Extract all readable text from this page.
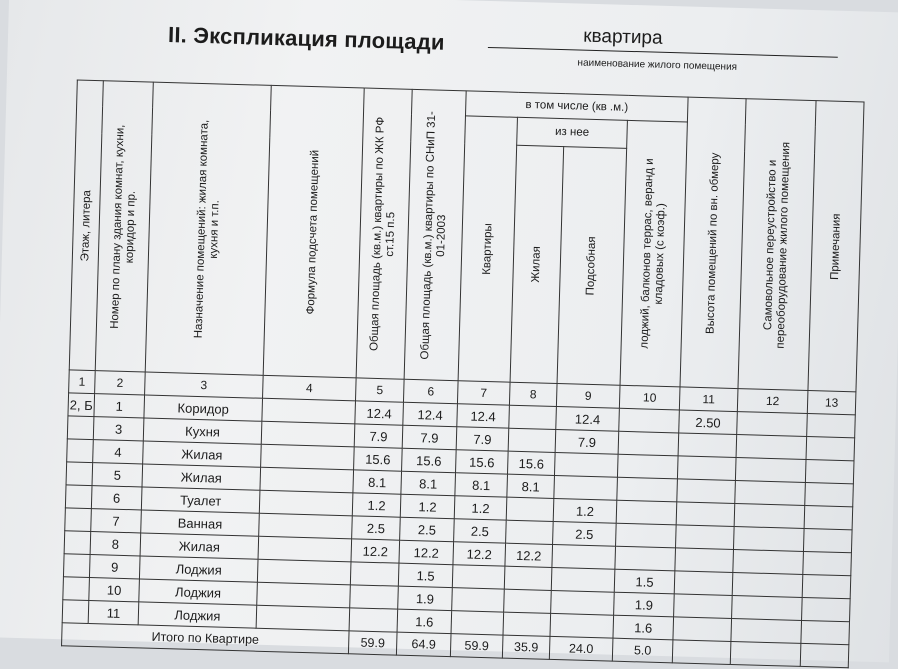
II. Экспликация площади	квартира
наименование жилого помещения
Этаж, литера	Номер по плану здания комнат, кухни, коридор и пр.	Назначение помещений: жилая комната, кухня и т.п.	Формула подсчета помещений	Общая площадь (кв.м.) квартиры по ЖК РФ ст.15 п.5	Общая площадь (кв.м.) квартиры по СНиП 31-01-2003	в том числе (кв .м.)				Высота помещений по вн. обмеру	Самовольное переустройство и переоборудование жилого помещения	Примечания

						Квартиры	из нее		лоджий, балконов террас, веранд и кладовых (с коэф.)			

							Жилая	Подсобная				

1	2	3	4	5	6	7	8	9	10	11	12	13
2, Б	1	Коридор		12.4	12.4	12.4		12.4		2.50		
	3	Кухня		7.9	7.9	7.9		7.9				
	4	Жилая		15.6	15.6	15.6	15.6					
	5	Жилая		8.1	8.1	8.1	8.1					
	6	Туалет		1.2	1.2	1.2		1.2				
	7	Ванная		2.5	2.5	2.5		2.5				
	8	Жилая		12.2	12.2	12.2	12.2					
	9	Лоджия			1.5				1.5			
	10	Лоджия			1.9				1.9			
	11	Лоджия			1.6				1.6			
Итого по Квартире				59.9	64.9	59.9	35.9	24.0	5.0			
